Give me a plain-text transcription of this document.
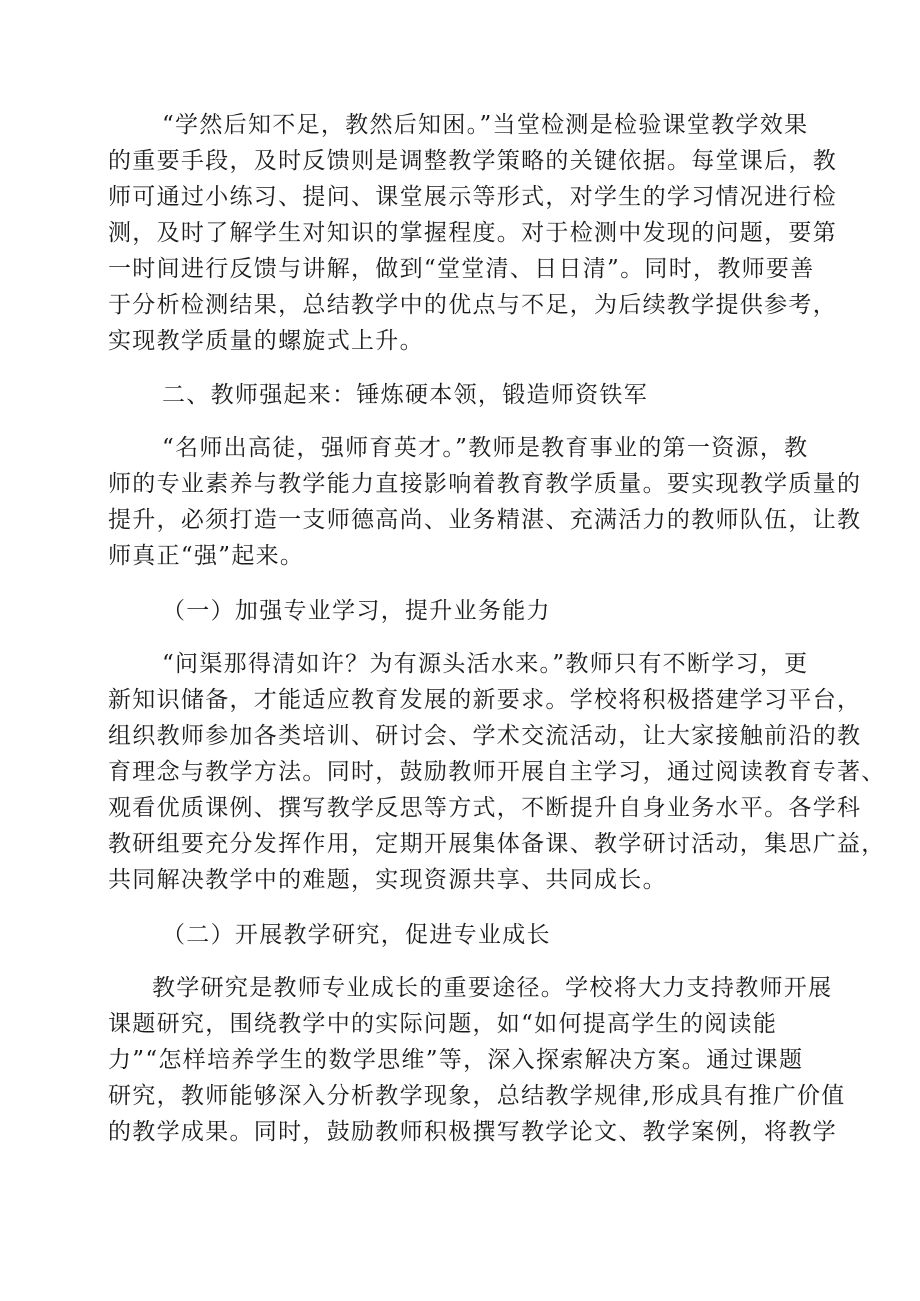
“学然后知不足，教然后知困。”当堂检测是检验课堂教学效果
的重要手段，及时反馈则是调整教学策略的关键依据。每堂课后，教
师可通过小练习、提问、课堂展示等形式，对学生的学习情况进行检
测，及时了解学生对知识的掌握程度。对于检测中发现的问题，要第
一时间进行反馈与讲解，做到“堂堂清、日日清”。同时，教师要善
于分析检测结果，总结教学中的优点与不足，为后续教学提供参考，
实现教学质量的螺旋式上升。
二、教师强起来：锤炼硬本领，锻造师资铁军
“名师出高徒，强师育英才。”教师是教育事业的第一资源，教
师的专业素养与教学能力直接影响着教育教学质量。要实现教学质量的
提升，必须打造一支师德高尚、业务精湛、充满活力的教师队伍，让教
师真正“强”起来。
（一）加强专业学习，提升业务能力
“问渠那得清如许？为有源头活水来。”教师只有不断学习，更
新知识储备，才能适应教育发展的新要求。学校将积极搭建学习平台，
组织教师参加各类培训、研讨会、学术交流活动，让大家接触前沿的教
育理念与教学方法。同时，鼓励教师开展自主学习，通过阅读教育专著、
观看优质课例、撰写教学反思等方式，不断提升自身业务水平。各学科
教研组要充分发挥作用，定期开展集体备课、教学研讨活动，集思广益，
共同解决教学中的难题，实现资源共享、共同成长。
（二）开展教学研究，促进专业成长
教学研究是教师专业成长的重要途径。学校将大力支持教师开展
课题研究，围绕教学中的实际问题，如“如何提高学生的阅读能
力”“怎样培养学生的数学思维”等，深入探索解决方案。通过课题
研究，教师能够深入分析教学现象，总结教学规律,形成具有推广价值
的教学成果。同时，鼓励教师积极撰写教学论文、教学案例，将教学
